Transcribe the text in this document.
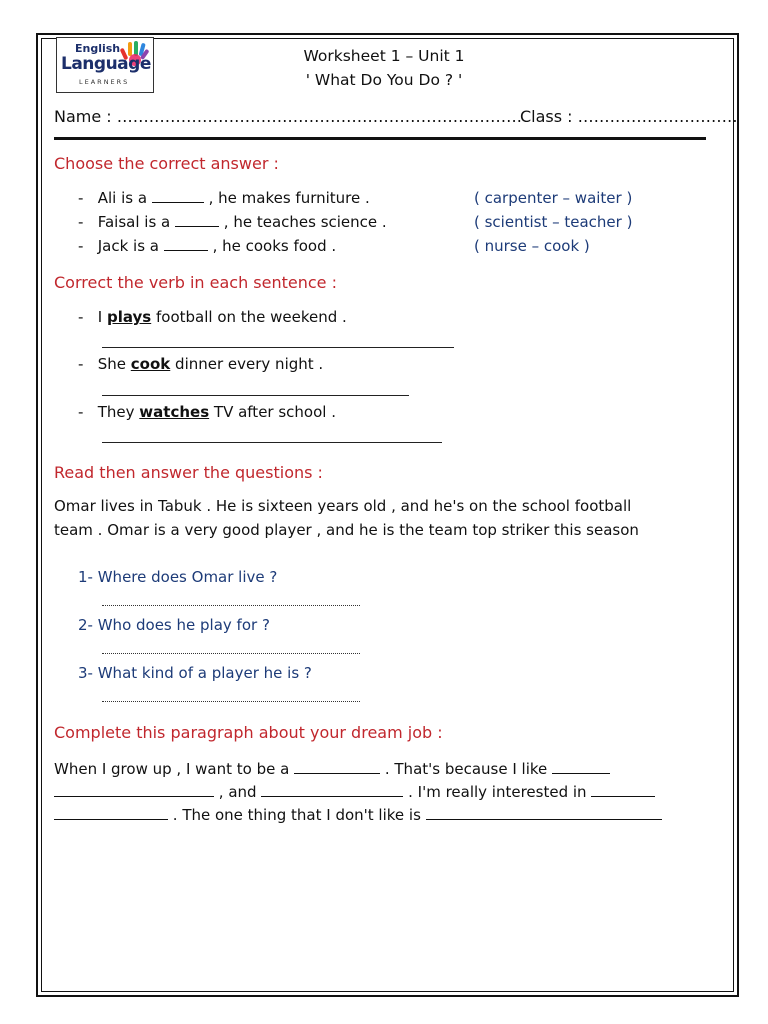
English
Language
LEARNERS
Worksheet 1 – Unit 1
' What Do You Do ? '
Name : ………………………………………………………………….
Class : …………………………
Choose the correct answer :
- Ali is a	, he makes furniture .	( carpenter – waiter )
- Faisal is a	, he teaches science .	( scientist – teacher )
- Jack is a	, he cooks food .	( nurse – cook )
Correct the verb in each sentence :
- I plays football on the weekend .
- She cook dinner every night .
- They watches TV after school .
Read then answer the questions :
Omar lives in Tabuk . He is sixteen years old , and he's on the school football
team . Omar is a very good player , and he is the team top striker this season
1- Where does Omar live ?
2- Who does he play for ?
3- What kind of a player he is ?
Complete this paragraph about your dream job :
When I grow up , I want to be a	. That's because I like
, and	. I'm really interested in
. The one thing that I don't like is
